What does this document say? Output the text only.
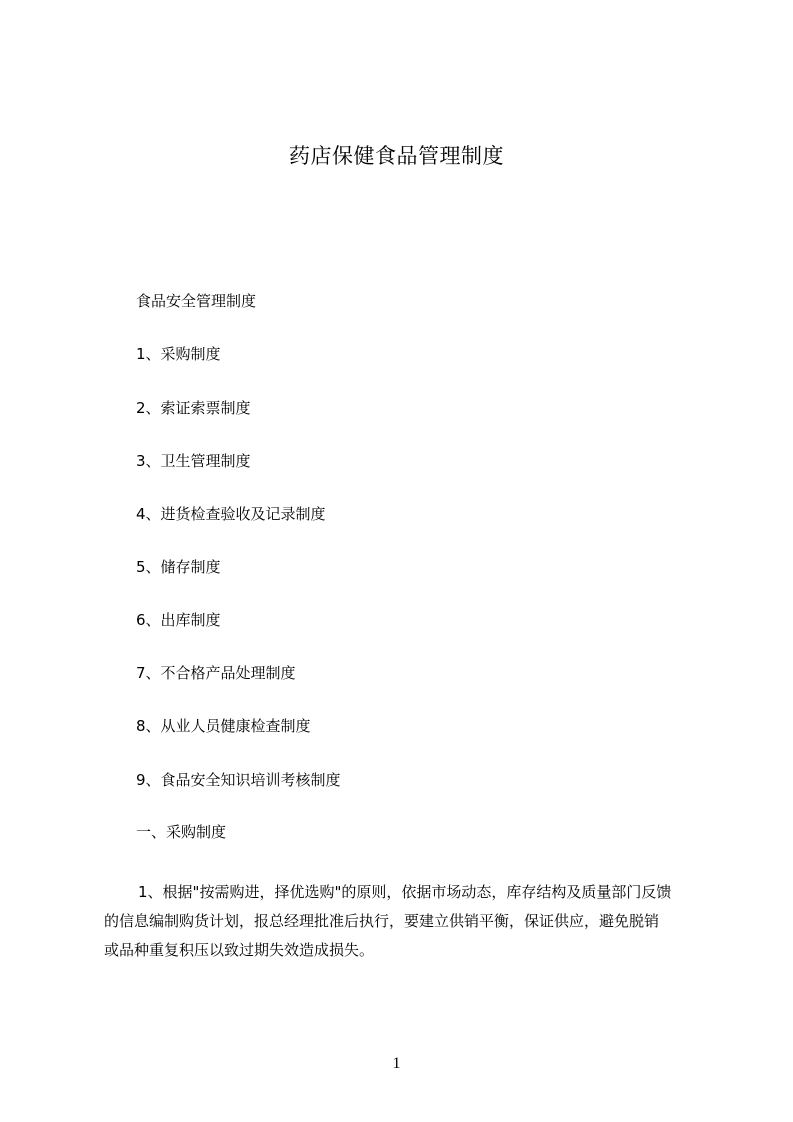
药店保健食品管理制度
食品安全管理制度
1、采购制度
2、索证索票制度
3、卫生管理制度
4、进货检查验收及记录制度
5、储存制度
6、出库制度
7、不合格产品处理制度
8、从业人员健康检查制度
9、食品安全知识培训考核制度
一、采购制度
1、根据"按需购进，择优选购"的原则，依据市场动态，库存结构及质量部门反馈
的信息编制购货计划，报总经理批准后执行，要建立供销平衡，保证供应，避免脱销
或品种重复积压以致过期失效造成损失。
1
